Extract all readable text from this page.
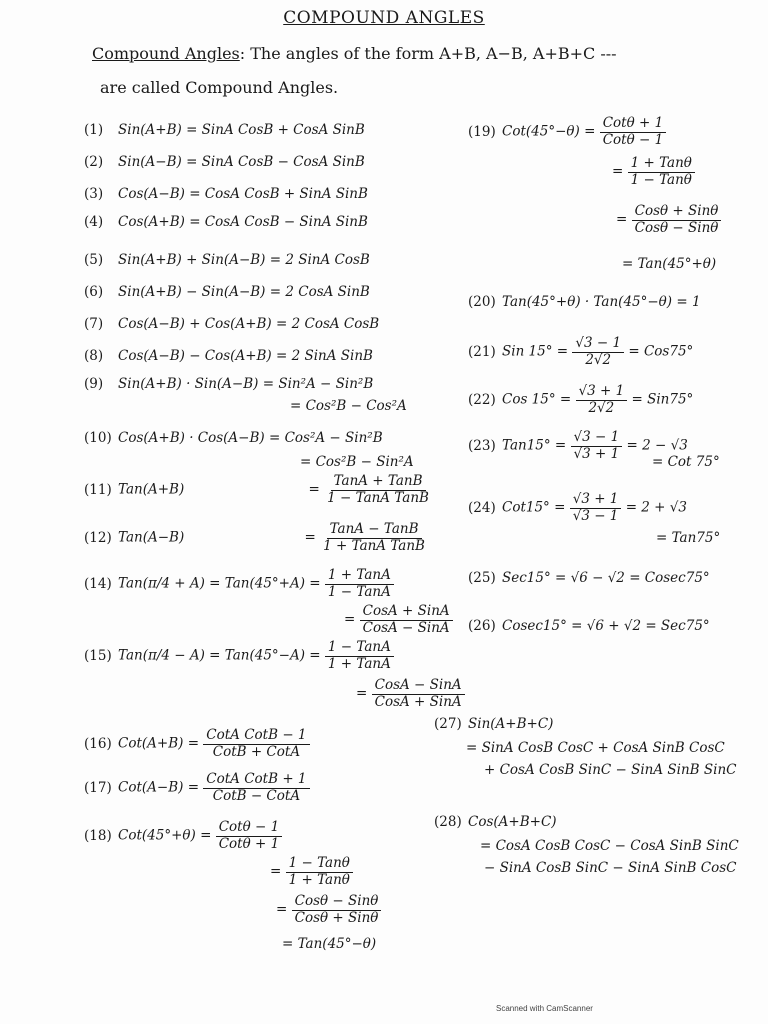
COMPOUND ANGLES
Compound Angles: The angles of the form A+B, A−B, A+B+C ---
are called Compound Angles.
(1) Sin(A+B) = SinA CosB + CosA SinB
(2) Sin(A−B) = SinA CosB − CosA SinB
(3) Cos(A−B) = CosA CosB + SinA SinB
(4) Cos(A+B) = CosA CosB − SinA SinB
(5) Sin(A+B) + Sin(A−B) = 2 SinA CosB
(6) Sin(A+B) − Sin(A−B) = 2 CosA SinB
(7) Cos(A−B) + Cos(A+B) = 2 CosA CosB
(8) Cos(A−B) − Cos(A+B) = 2 SinA SinB
(9) Sin(A+B) · Sin(A−B) = Sin²A − Sin²B
= Cos²B − Cos²A
(10) Cos(A+B) · Cos(A−B) = Cos²A − Sin²B
= Cos²B − Sin²A
(11) Tan(A+B)	= $\frac{\text{TanA + TanB}}{\text{1 − TanA TanB}}$
(12) Tan(A−B)	= $\frac{\text{TanA − TanB}}{\text{1 + TanA TanB}}$
(14) $Tan(\pi/4 + A) = Tan(45^\circ+A) = \frac{\text{1 + TanA}}{\text{1 − TanA}}$
= $\frac{\text{CosA + SinA}}{\text{CosA − SinA}}$
(15) $Tan(\pi/4 - A) = Tan(45^\circ-A) = \frac{\text{1 − TanA}}{\text{1 + TanA}}$
= $\frac{\text{CosA − SinA}}{\text{CosA + SinA}}$
(16) $Cot(A+B) = \frac{\text{CotA CotB − 1}}{\text{CotB + CotA}}$
(17) $Cot(A-B) = \frac{\text{CotA CotB + 1}}{\text{CotB − CotA}}$
(18) $Cot(45^\circ+\theta) = \frac{\text{Cotθ − 1}}{\text{Cotθ + 1}}$
= $\frac{\text{1 − Tanθ}}{\text{1 + Tanθ}}$
= $\frac{\text{Cosθ − Sinθ}}{\text{Cosθ + Sinθ}}$
= Tan(45°−θ)
(19) $Cot(45^\circ-\theta) = \frac{\text{Cotθ + 1}}{\text{Cotθ − 1}}$
= $\frac{\text{1 + Tanθ}}{\text{1 − Tanθ}}$
= $\frac{\text{Cosθ + Sinθ}}{\text{Cosθ − Sinθ}}$
= Tan(45°+θ)
(20) Tan(45°+θ) · Tan(45°−θ) = 1
(21) Sin $15^\circ = \frac{√3 - 1}{2√2} = Cos75^\circ$
(22) Cos $15^\circ = \frac{√3 + 1}{2√2} = Sin75^\circ$
(23) $Tan15^\circ = \frac{√3 - 1}{√3 + 1} = 2 - √3$
= Cot 75°
(24) $Cot15^\circ = \frac{√3 + 1}{√3 - 1} = 2 + √3$
= Tan75°
(25) Sec15° = √6 − √2 = Cosec75°
(26) Cosec15° = √6 + √2 = Sec75°
(27) Sin(A+B+C)
= SinA CosB CosC + CosA SinB CosC
+ CosA CosB SinC − SinA SinB SinC
(28) Cos(A+B+C)
= CosA CosB CosC − CosA SinB SinC
− SinA CosB SinC − SinA SinB CosC
Scanned with CamScanner
